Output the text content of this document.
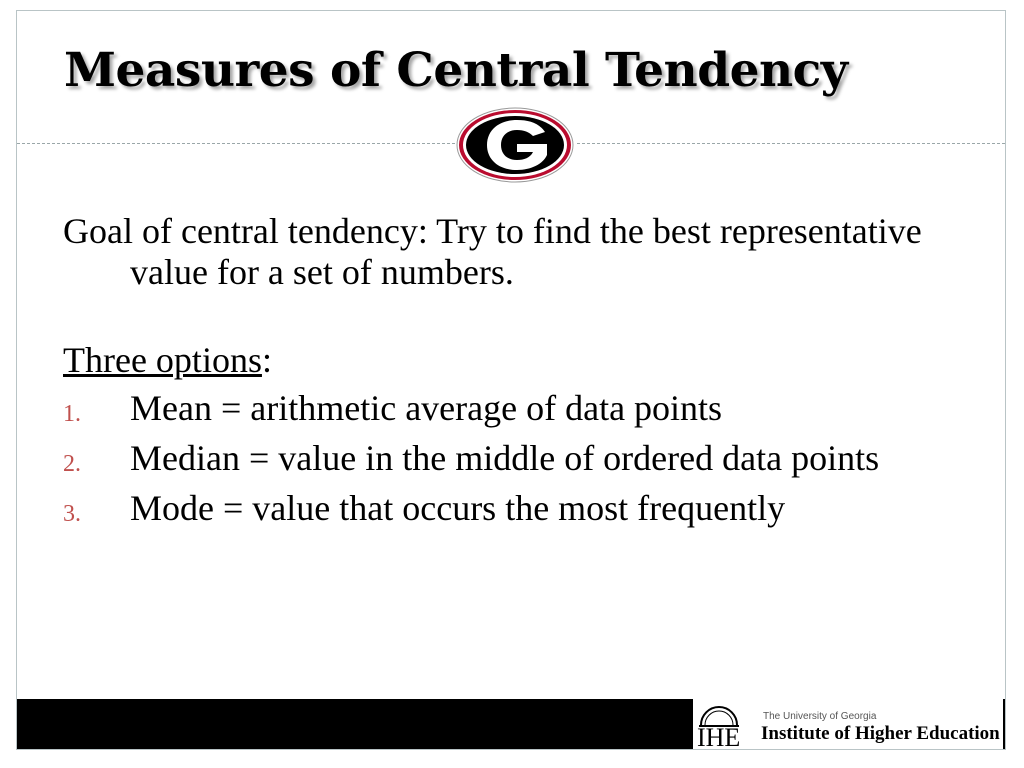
Measures of Central Tendency

Goal of central tendency: Try to find the best representative value for a set of numbers.

Three options:
1. Mean = arithmetic average of data points
2. Median = value in the middle of ordered data points
3. Mode = value that occurs the most frequently
IHE
The University of Georgia
Institute of Higher Education
